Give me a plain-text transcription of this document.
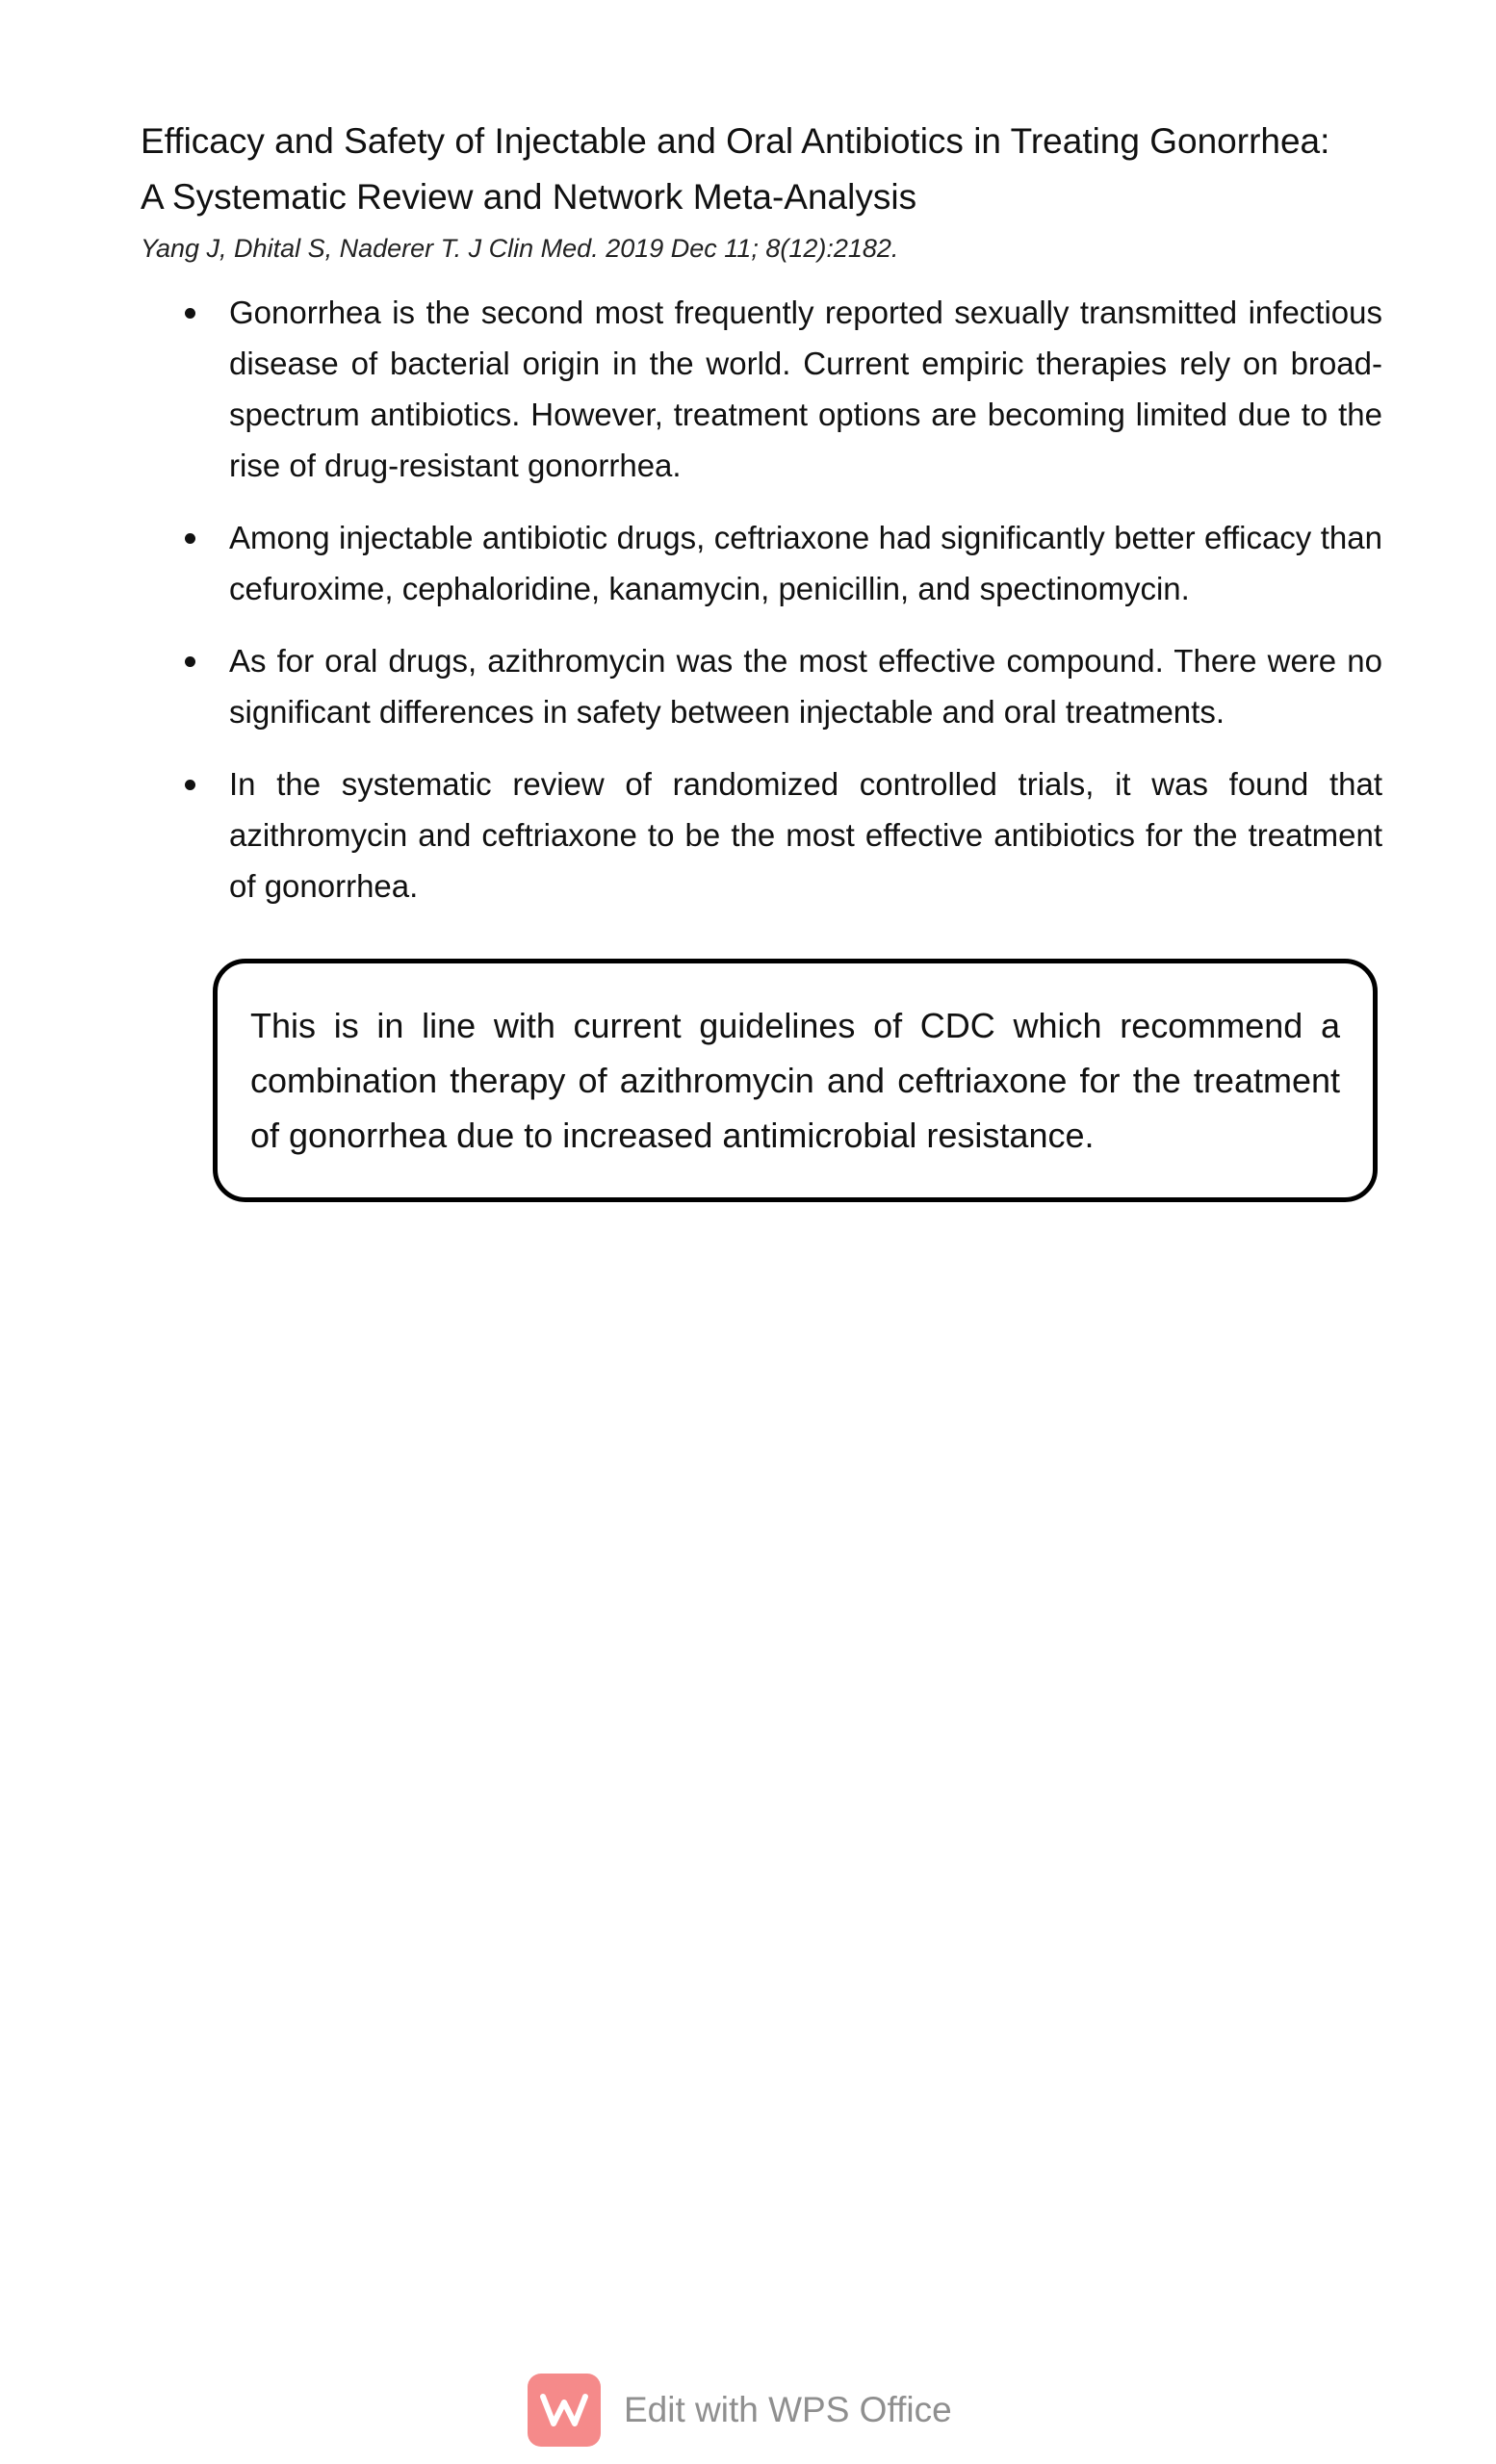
Efficacy and Safety of Injectable and Oral Antibiotics in Treating Gonorrhea:
A Systematic Review and Network Meta-Analysis

Yang J, Dhital S, Naderer T. J Clin Med. 2019 Dec 11; 8(12):2182.

Gonorrhea is the second most frequently reported sexually transmitted infectious disease of bacterial origin in the world. Current empiric therapies rely on broad-spectrum antibiotics. However, treatment options are becoming limited due to the rise of drug-resistant gonorrhea.
Among injectable antibiotic drugs, ceftriaxone had significantly better efficacy than cefuroxime, cephaloridine, kanamycin, penicillin, and spectinomycin.
As for oral drugs, azithromycin was the most effective compound. There were no significant differences in safety between injectable and oral treatments.
In the systematic review of randomized controlled trials, it was found that azithromycin and ceftriaxone to be the most effective antibiotics for the treatment of gonorrhea.

This is in line with current guidelines of CDC which recommend a combination therapy of azithromycin and ceftriaxone for the treatment of gonorrhea due to increased antimicrobial resistance.

Edit with WPS Office
